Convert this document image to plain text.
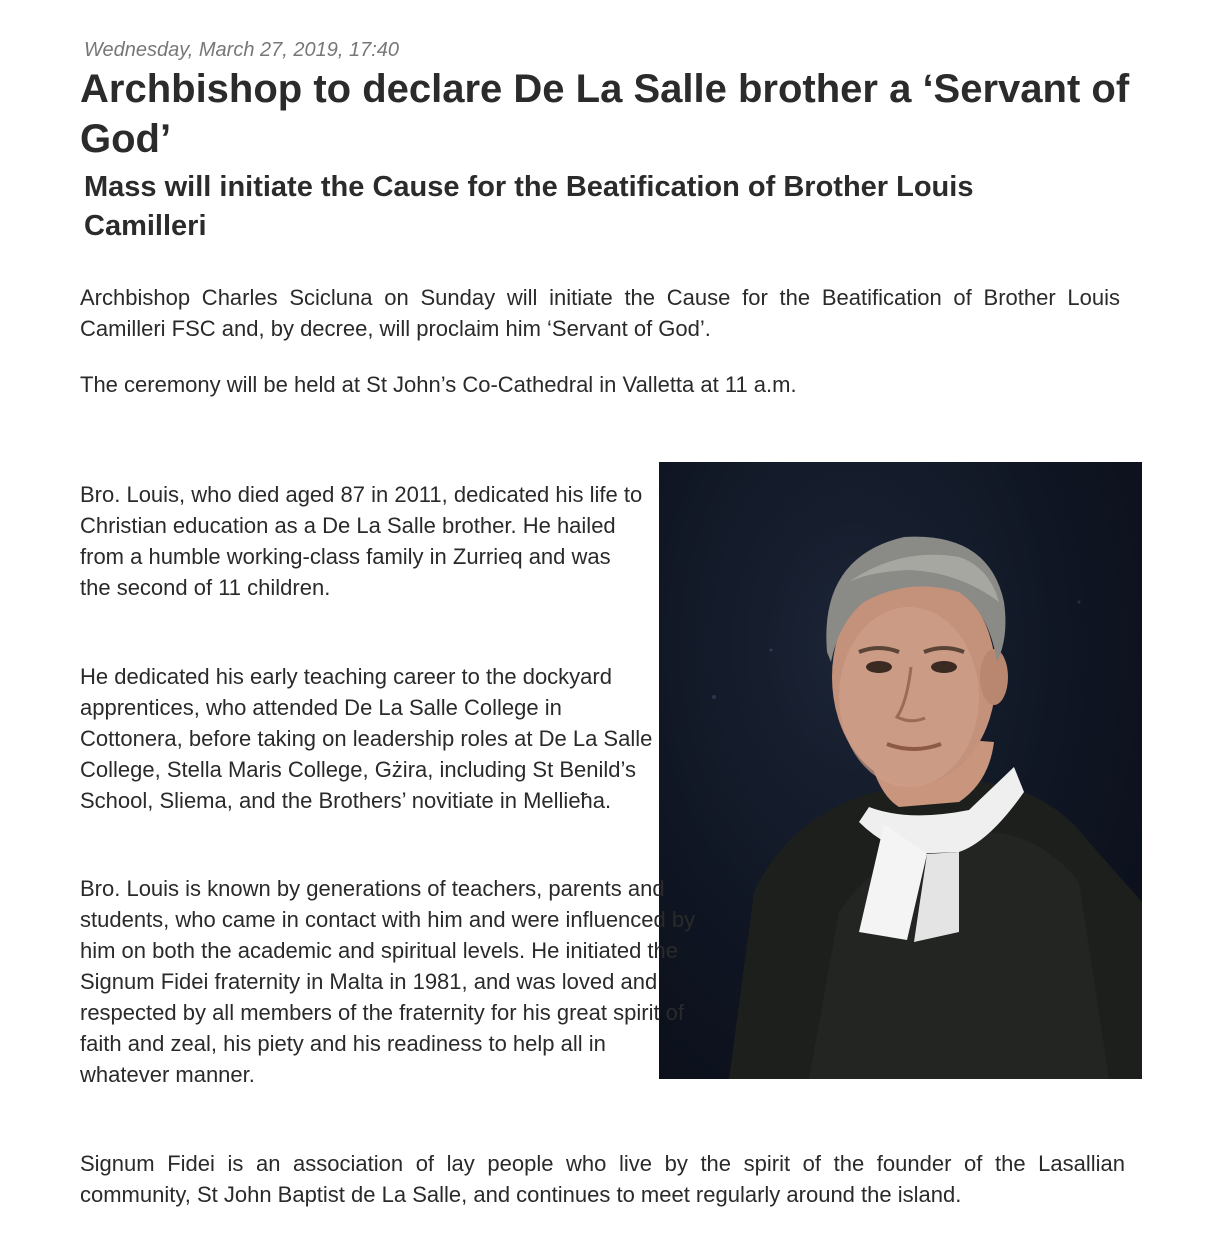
Wednesday, March 27, 2019, 17:40

Archbishop to declare De La Salle brother a ‘Servant of God’
Mass will initiate the Cause for the Beatification of Brother Louis Camilleri

Archbishop Charles Scicluna on Sunday will initiate the Cause for the Beatification of Brother Louis Camilleri FSC and, by decree, will proclaim him ‘Servant of God’.

The ceremony will be held at St John’s Co-Cathedral in Valletta at 11 a.m.

Bro. Louis, who died aged 87 in 2011, dedicated his life to Christian education as a De La Salle brother. He hailed from a humble working-class family in Zurrieq and was the second of 11 children.

He dedicated his early teaching career to the dockyard apprentices, who attended De La Salle College in Cottonera, before taking on leadership roles at De La Salle College, Stella Maris College, Gżira, including St Benild’s School, Sliema, and the Brothers’ novitiate in Mellieħa.

Bro. Louis is known by generations of teachers, parents and students, who came in contact with him and were influenced by him on both the academic and spiritual levels. He initiated the Signum Fidei fraternity in Malta in 1981, and was loved and respected by all members of the fraternity for his great spirit of faith and zeal, his piety and his readiness to help all in whatever manner.

Signum Fidei is an association of lay people who live by the spirit of the founder of the Lasallian community, St John Baptist de La Salle, and continues to meet regularly around the island.
